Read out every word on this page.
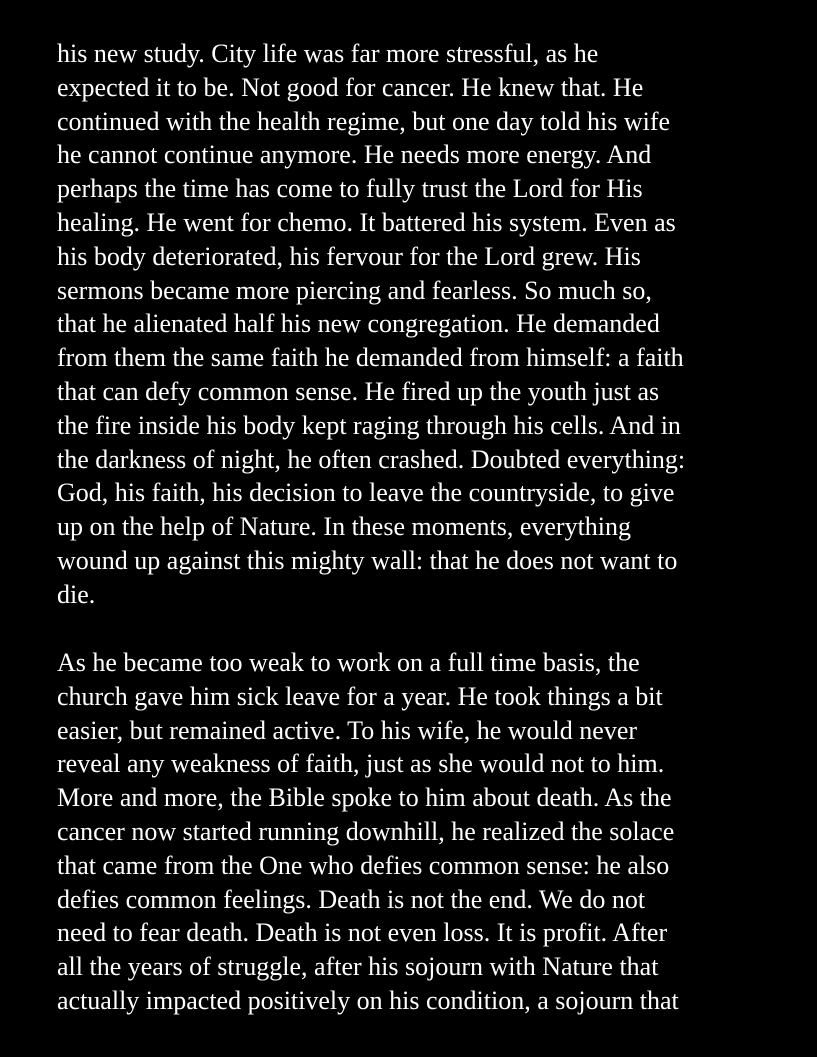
his new study. City life was far more stressful, as he
expected it to be. Not good for cancer. He knew that. He
continued with the health regime, but one day told his wife
he cannot continue anymore. He needs more energy. And
perhaps the time has come to fully trust the Lord for His
healing. He went for chemo. It battered his system. Even as
his body deteriorated, his fervour for the Lord grew. His
sermons became more piercing and fearless. So much so,
that he alienated half his new congregation. He demanded
from them the same faith he demanded from himself: a faith
that can defy common sense. He fired up the youth just as
the fire inside his body kept raging through his cells. And in
the darkness of night, he often crashed. Doubted everything:
God, his faith, his decision to leave the countryside, to give
up on the help of Nature. In these moments, everything
wound up against this mighty wall: that he does not want to
die.

As he became too weak to work on a full time basis, the
church gave him sick leave for a year. He took things a bit
easier, but remained active. To his wife, he would never
reveal any weakness of faith, just as she would not to him.
More and more, the Bible spoke to him about death. As the
cancer now started running downhill, he realized the solace
that came from the One who defies common sense: he also
defies common feelings. Death is not the end. We do not
need to fear death. Death is not even loss. It is profit. After
all the years of struggle, after his sojourn with Nature that
actually impacted positively on his condition, a sojourn that
